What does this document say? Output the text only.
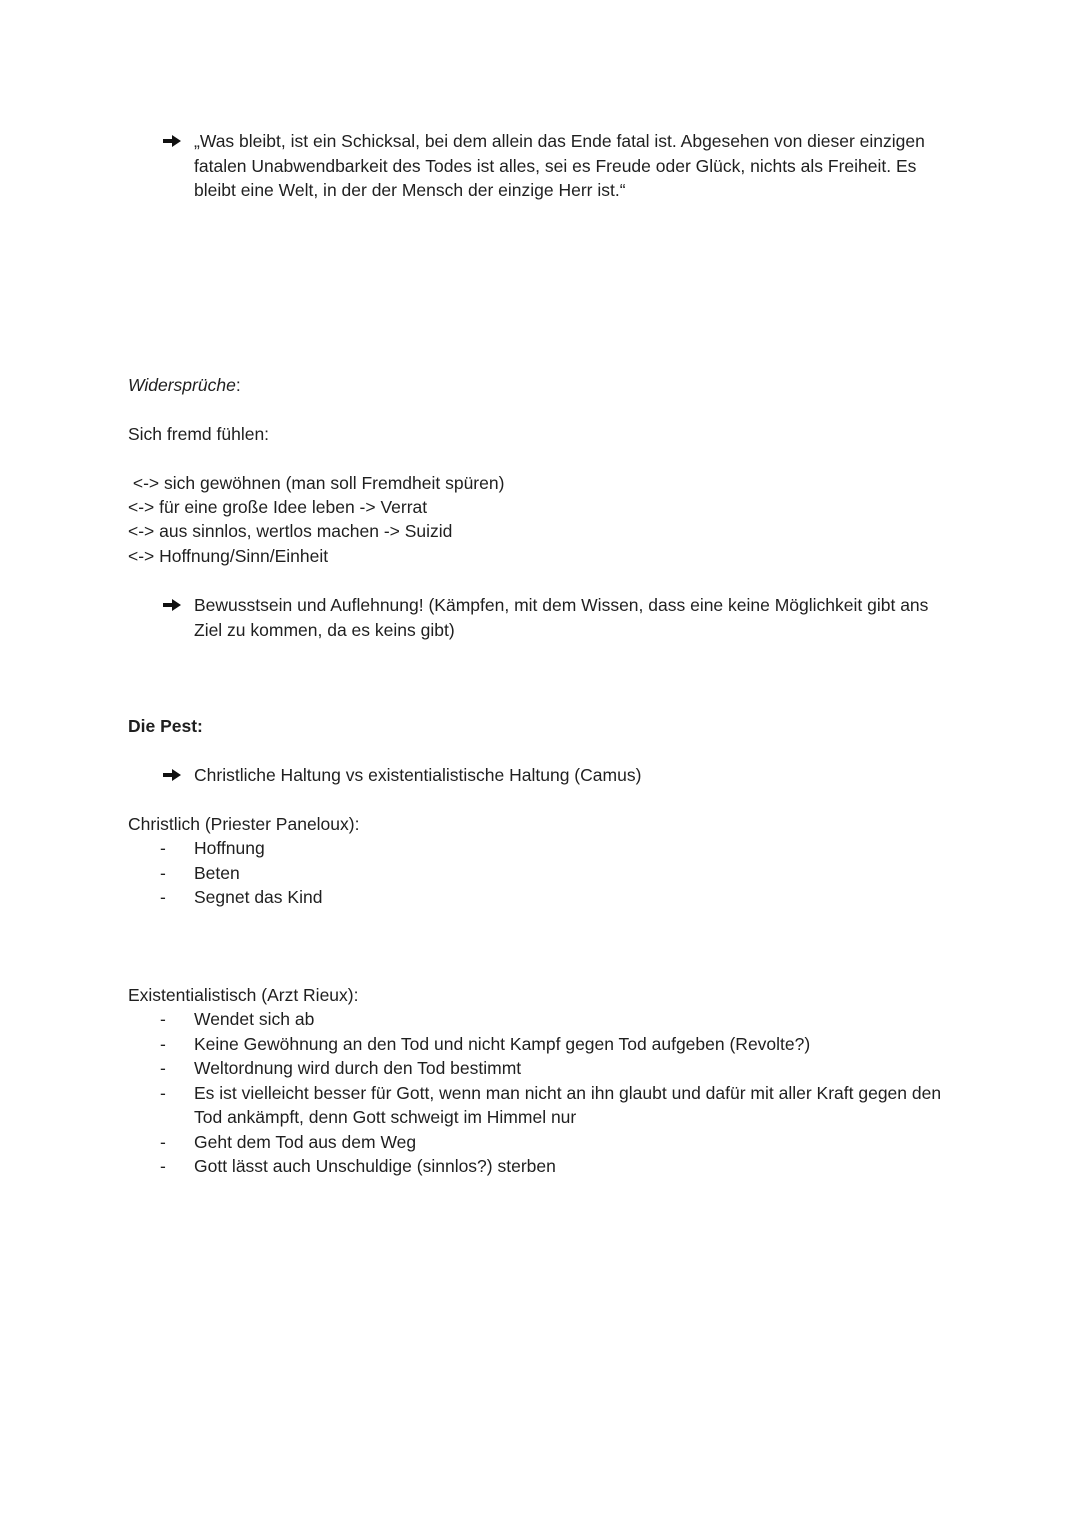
„Was bleibt, ist ein Schicksal, bei dem allein das Ende fatal ist. Abgesehen von dieser einzigen fatalen Unabwendbarkeit des Todes ist alles, sei es Freude oder Glück, nichts als Freiheit. Es bleibt eine Welt, in der der Mensch der einzige Herr ist.“
Widersprüche:
Sich fremd fühlen:
<-> sich gewöhnen (man soll Fremdheit spüren)
<-> für eine große Idee leben -> Verrat
<-> aus sinnlos, wertlos machen -> Suizid
<-> Hoffnung/Sinn/Einheit
Bewusstsein und Auflehnung! (Kämpfen, mit dem Wissen, dass eine keine Möglichkeit gibt ans Ziel zu kommen, da es keins gibt)
Die Pest:
Christliche Haltung vs existentialistische Haltung (Camus)
Christlich (Priester Paneloux):
- Hoffnung
- Beten
- Segnet das Kind
Existentialistisch (Arzt Rieux):
- Wendet sich ab
- Keine Gewöhnung an den Tod und nicht Kampf gegen Tod aufgeben (Revolte?)
- Weltordnung wird durch den Tod bestimmt
- Es ist vielleicht besser für Gott, wenn man nicht an ihn glaubt und dafür mit aller Kraft gegen den Tod ankämpft, denn Gott schweigt im Himmel nur
- Geht dem Tod aus dem Weg
- Gott lässt auch Unschuldige (sinnlos?) sterben
